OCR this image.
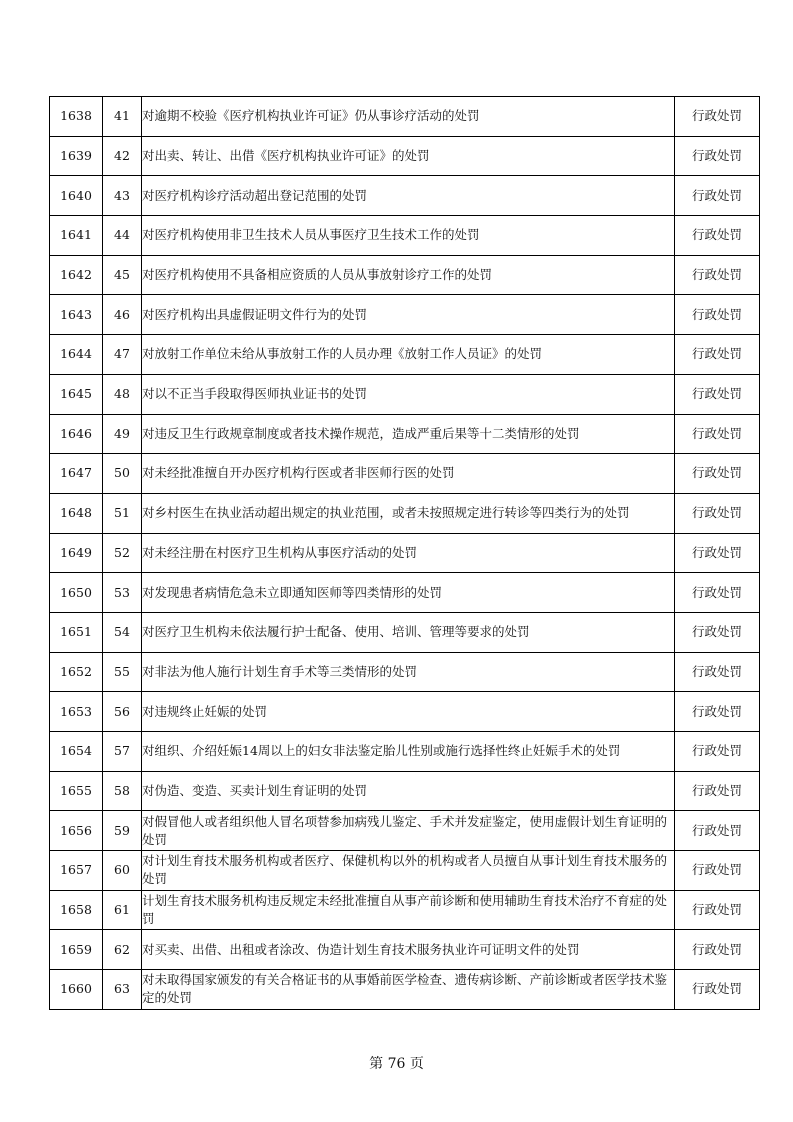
1638	41	对逾期不校验《医疗机构执业许可证》仍从事诊疗活动的处罚	行政处罚
1639	42	对出卖、转让、出借《医疗机构执业许可证》的处罚	行政处罚
1640	43	对医疗机构诊疗活动超出登记范围的处罚	行政处罚
1641	44	对医疗机构使用非卫生技术人员从事医疗卫生技术工作的处罚	行政处罚
1642	45	对医疗机构使用不具备相应资质的人员从事放射诊疗工作的处罚	行政处罚
1643	46	对医疗机构出具虚假证明文件行为的处罚	行政处罚
1644	47	对放射工作单位未给从事放射工作的人员办理《放射工作人员证》的处罚	行政处罚
1645	48	对以不正当手段取得医师执业证书的处罚	行政处罚
1646	49	对违反卫生行政规章制度或者技术操作规范，造成严重后果等十二类情形的处罚	行政处罚
1647	50	对未经批准擅自开办医疗机构行医或者非医师行医的处罚	行政处罚
1648	51	对乡村医生在执业活动超出规定的执业范围，或者未按照规定进行转诊等四类行为的处罚	行政处罚
1649	52	对未经注册在村医疗卫生机构从事医疗活动的处罚	行政处罚
1650	53	对发现患者病情危急未立即通知医师等四类情形的处罚	行政处罚
1651	54	对医疗卫生机构未依法履行护士配备、使用、培训、管理等要求的处罚	行政处罚
1652	55	对非法为他人施行计划生育手术等三类情形的处罚	行政处罚
1653	56	对违规终止妊娠的处罚	行政处罚
1654	57	对组织、介绍妊娠14周以上的妇女非法鉴定胎儿性别或施行选择性终止妊娠手术的处罚	行政处罚
1655	58	对伪造、变造、买卖计划生育证明的处罚	行政处罚
1656	59	对假冒他人或者组织他人冒名项替参加病残儿鉴定、手术并发症鉴定，使用虚假计划生育证明的处罚	行政处罚
1657	60	对计划生育技术服务机构或者医疗、保健机构以外的机构或者人员擅自从事计划生育技术服务的处罚	行政处罚
1658	61	计划生育技术服务机构违反规定未经批准擅自从事产前诊断和使用辅助生育技术治疗不育症的处罚	行政处罚
1659	62	对买卖、出借、出租或者涂改、伪造计划生育技术服务执业许可证明文件的处罚	行政处罚
1660	63	对未取得国家颁发的有关合格证书的从事婚前医学检查、遗传病诊断、产前诊断或者医学技术鉴定的处罚	行政处罚
第 76 页
